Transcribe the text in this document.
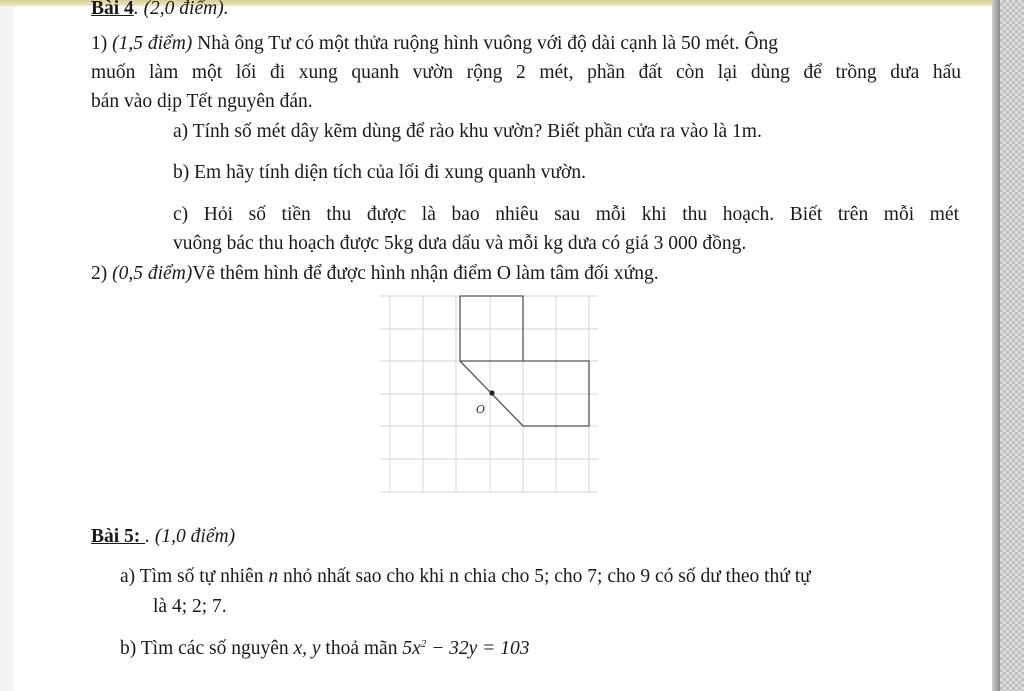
Bài 4. (2,0 điểm).
1) (1,5 điểm) Nhà ông Tư có một thửa ruộng hình vuông với độ dài cạnh là 50 mét. Ông
muốn làm một lối đi xung quanh vườn rộng 2 mét, phần đất còn lại dùng để trồng dưa hấu
bán vào dịp Tết nguyên đán.
a) Tính số mét dây kẽm dùng để rào khu vườn? Biết phần cửa ra vào là 1m.
b) Em hãy tính diện tích của lối đi xung quanh vườn.
c) Hỏi số tiền thu được là bao nhiêu sau mỗi khi thu hoạch. Biết trên mỗi mét
vuông bác thu hoạch được 5kg dưa dấu và mỗi kg dưa có giá 3 000 đồng.
2) (0,5 điểm)Vẽ thêm hình để được hình nhận điểm O làm tâm đối xứng.
O
Bài 5: . (1,0 điểm)
a) Tìm số tự nhiên n nhỏ nhất sao cho khi n chia cho 5; cho 7; cho 9 có số dư theo thứ tự
là 4; 2; 7.
b) Tìm các số nguyên x, y thoả mãn $5x^2 - 32y = 103$
